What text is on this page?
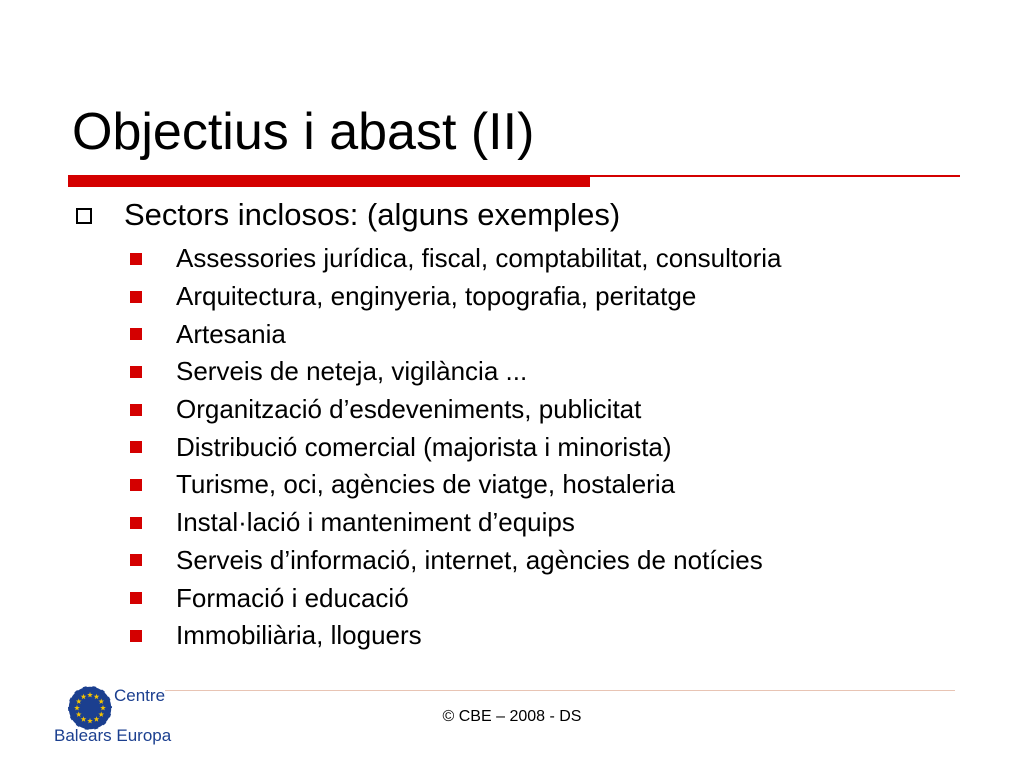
Objectius i abast (II)
Sectors inclosos: (alguns exemples)
Assessories jurídica, fiscal, comptabilitat, consultoria
Arquitectura, enginyeria, topografia, peritatge
Artesania
Serveis de neteja, vigilància ...
Organització d’esdeveniments, publicitat
Distribució comercial (majorista i minorista)
Turisme, oci, agències de viatge, hostaleria
Instal·lació i manteniment d’equips
Serveis d’informació, internet, agències de notícies
Formació i educació
Immobiliària, lloguers
© CBE – 2008 - DS
Centre
Balears Europa
